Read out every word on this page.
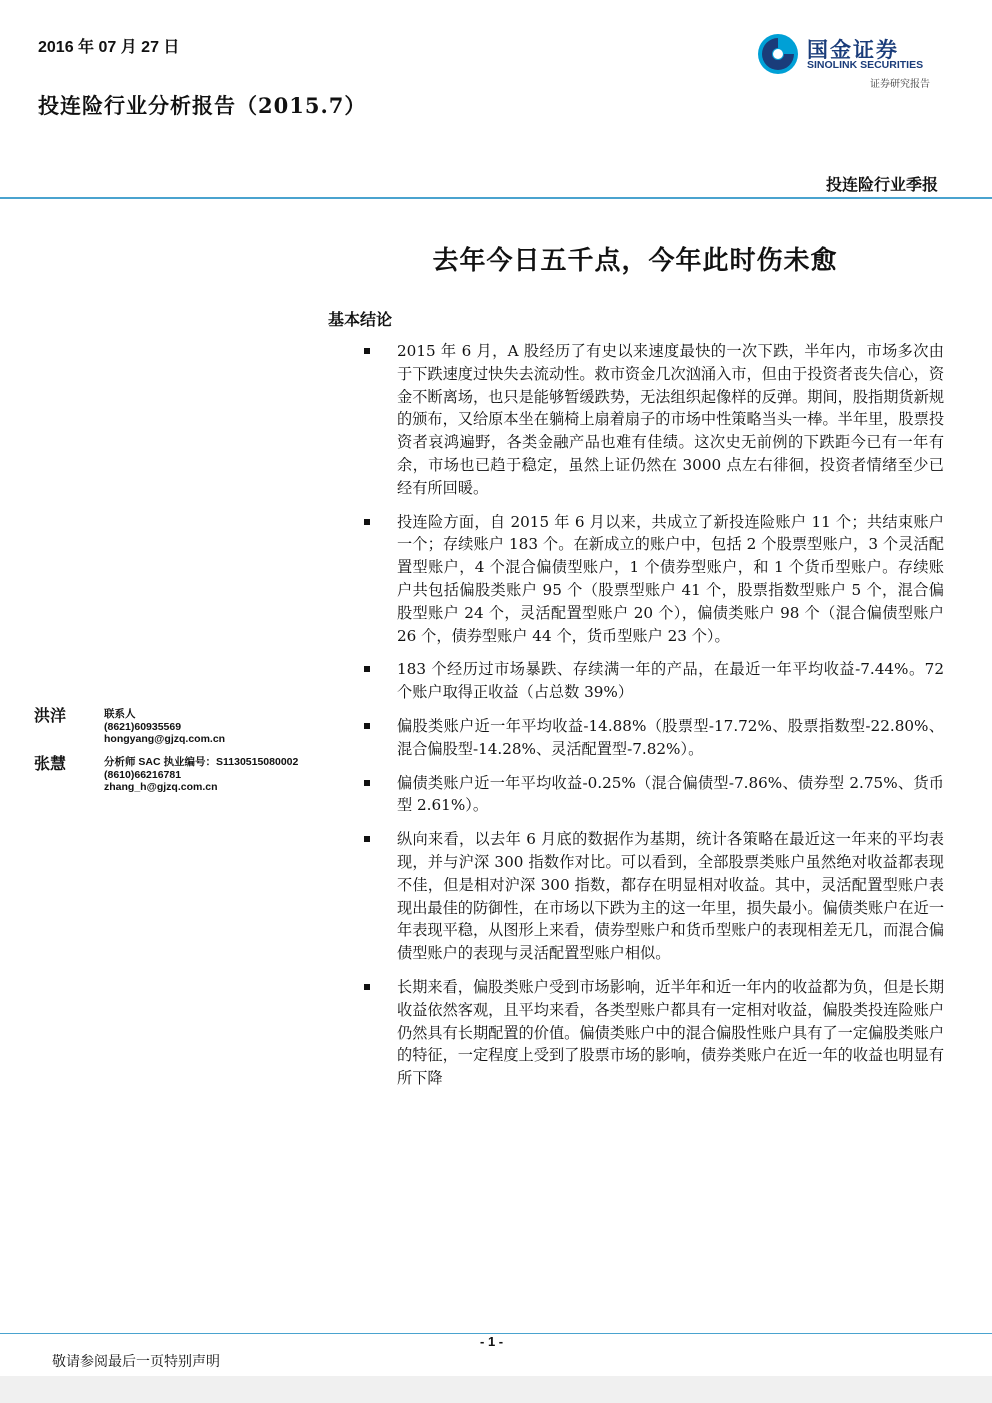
2016 年 07 月 27 日
投连险行业分析报告（2015.7）
国金证券
SINOLINK SECURITIES
证券研究报告
投连险行业季报
去年今日五千点，今年此时伤未愈
基本结论
2015 年 6 月，A 股经历了有史以来速度最快的一次下跌，半年内，市场多次由于下跌速度过快失去流动性。救市资金几次汹涌入市，但由于投资者丧失信心，资金不断离场，也只是能够暂缓跌势，无法组织起像样的反弹。期间，股指期货新规的颁布，又给原本坐在躺椅上扇着扇子的市场中性策略当头一棒。半年里，股票投资者哀鸿遍野，各类金融产品也难有佳绩。这次史无前例的下跌距今已有一年有余，市场也已趋于稳定，虽然上证仍然在 3000 点左右徘徊，投资者情绪至少已经有所回暖。
投连险方面，自 2015 年 6 月以来，共成立了新投连险账户 11 个；共结束账户一个；存续账户 183 个。在新成立的账户中，包括 2 个股票型账户，3 个灵活配置型账户，4 个混合偏债型账户，1 个债券型账户，和 1 个货币型账户。存续账户共包括偏股类账户 95 个（股票型账户 41 个，股票指数型账户 5 个，混合偏股型账户 24 个，灵活配置型账户 20 个），偏债类账户 98 个（混合偏债型账户 26 个，债券型账户 44 个，货币型账户 23 个）。
183 个经历过市场暴跌、存续满一年的产品，在最近一年平均收益-7.44%。72 个账户取得正收益（占总数 39%）
偏股类账户近一年平均收益-14.88%（股票型-17.72%、股票指数型-22.80%、混合偏股型-14.28%、灵活配置型-7.82%）。
偏债类账户近一年平均收益-0.25%（混合偏债型-7.86%、债券型 2.75%、货币型 2.61%）。
纵向来看，以去年 6 月底的数据作为基期，统计各策略在最近这一年来的平均表现，并与沪深 300 指数作对比。可以看到，全部股票类账户虽然绝对收益都表现不佳，但是相对沪深 300 指数，都存在明显相对收益。其中，灵活配置型账户表现出最佳的防御性，在市场以下跌为主的这一年里，损失最小。偏债类账户在近一年表现平稳，从图形上来看，债券型账户和货币型账户的表现相差无几，而混合偏债型账户的表现与灵活配置型账户相似。
长期来看，偏股类账户受到市场影响，近半年和近一年内的收益都为负，但是长期收益依然客观，且平均来看，各类型账户都具有一定相对收益，偏股类投连险账户仍然具有长期配置的价值。偏债类账户中的混合偏股性账户具有了一定偏股类账户的特征，一定程度上受到了股票市场的影响，债券类账户在近一年的收益也明显有所下降
洪洋	联系人
(8621)60935569
hongyang@gjzq.com.cn
张慧	分析师 SAC 执业编号：S1130515080002
(8610)66216781
zhang_h@gjzq.com.cn
- 1 -
敬请参阅最后一页特别声明
